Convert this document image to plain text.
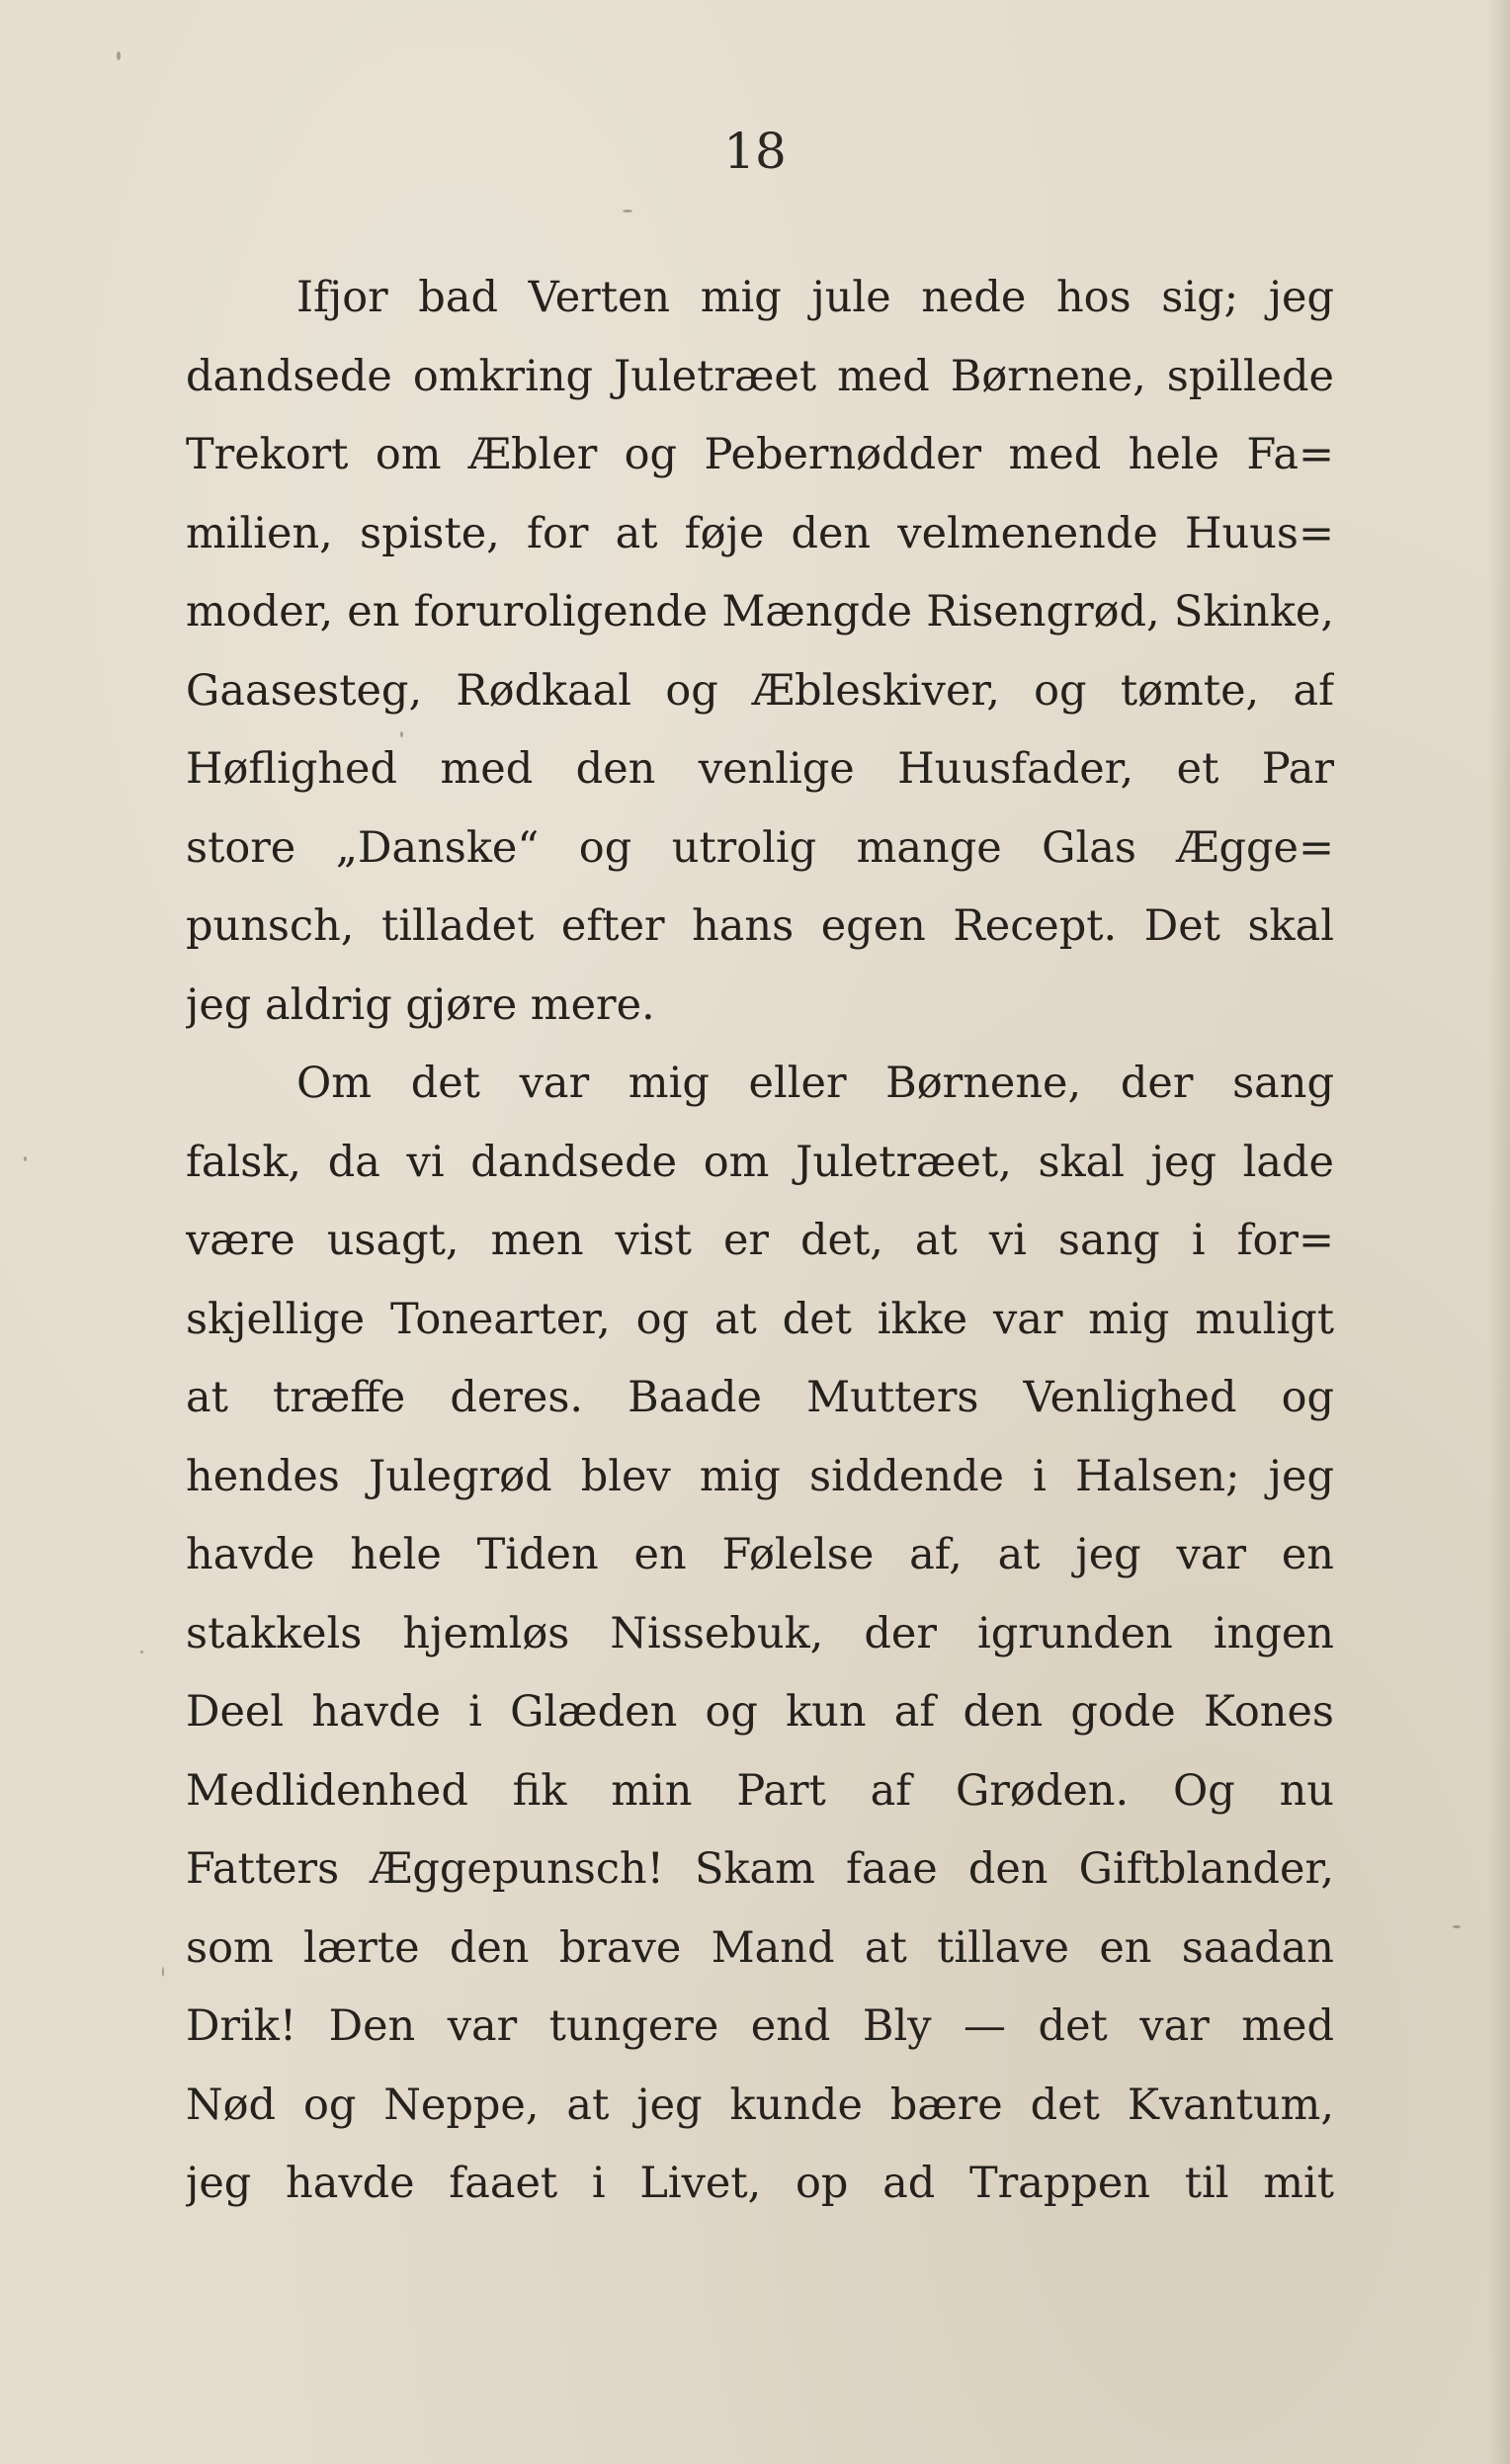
18
Ifjor bad Verten mig jule nede hos sig; jeg
dandsede omkring Juletræet med Børnene, spillede
Trekort om Æbler og Pebernødder med hele Fa=
milien, spiste, for at føje den velmenende Huus=
moder, en foruroligende Mængde Risengrød, Skinke,
Gaasesteg, Rødkaal og Æbleskiver, og tømte, af
Høflighed med den venlige Huusfader, et Par
store „Danske“ og utrolig mange Glas Ægge=
punsch, tilladet efter hans egen Recept. Det skal
jeg aldrig gjøre mere.
Om det var mig eller Børnene, der sang
falsk, da vi dandsede om Juletræet, skal jeg lade
være usagt, men vist er det, at vi sang i for=
skjellige Tonearter, og at det ikke var mig muligt
at træffe deres. Baade Mutters Venlighed og
hendes Julegrød blev mig siddende i Halsen; jeg
havde hele Tiden en Følelse af, at jeg var en
stakkels hjemløs Nissebuk, der igrunden ingen
Deel havde i Glæden og kun af den gode Kones
Medlidenhed fik min Part af Grøden. Og nu
Fatters Æggepunsch! Skam faae den Giftblander,
som lærte den brave Mand at tillave en saadan
Drik! Den var tungere end Bly — det var med
Nød og Neppe, at jeg kunde bære det Kvantum,
jeg havde faaet i Livet, op ad Trappen til mit
